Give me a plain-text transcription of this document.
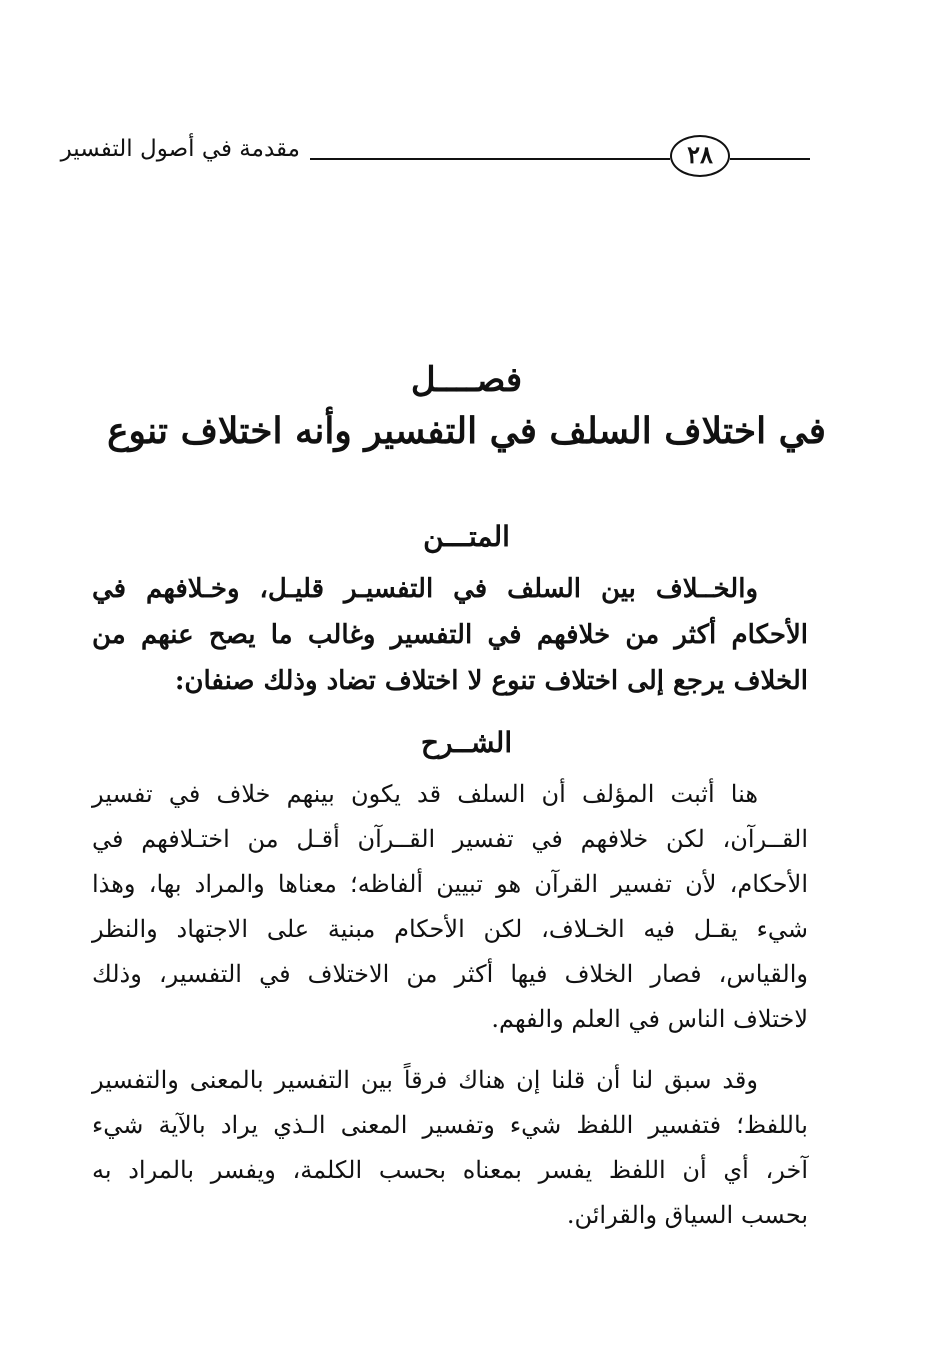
٢٨
مقدمة في أصول التفسير
فصــــل
في اختلاف السلف في التفسير وأنه اختلاف تنوع
المتـــن
والخــلاف بين السلف في التفسيـر قليـل، وخـلافهم في
الأحكام أكثر من خلافهم في التفسير وغالب ما يصح عنهم من
الخلاف يرجع إلى اختلاف تنوع لا اختلاف تضاد وذلك صنفان:
الشــرح
هنا أثبت المؤلف أن السلف قد يكون بينهم خلاف في تفسير
القــرآن، لكن خلافهم في تفسير القــرآن أقـل من اختـلافهم في
الأحكام، لأن تفسير القرآن هو تبيين ألفاظه؛ معناها والمراد بها، وهذا
شيء يقـل فيه الخـلاف، لكن الأحكام مبنية على الاجتهاد والنظر
والقياس، فصار الخلاف فيها أكثر من الاختلاف في التفسير، وذلك
لاختلاف الناس في العلم والفهم.
وقد سبق لنا أن قلنا إن هناك فرقاً بين التفسير بالمعنى والتفسير
باللفظ؛ فتفسير اللفظ شيء وتفسير المعنى الـذي يراد بالآية شيء
آخر، أي أن اللفظ يفسر بمعناه بحسب الكلمة، ويفسر بالمراد به
بحسب السياق والقرائن.
